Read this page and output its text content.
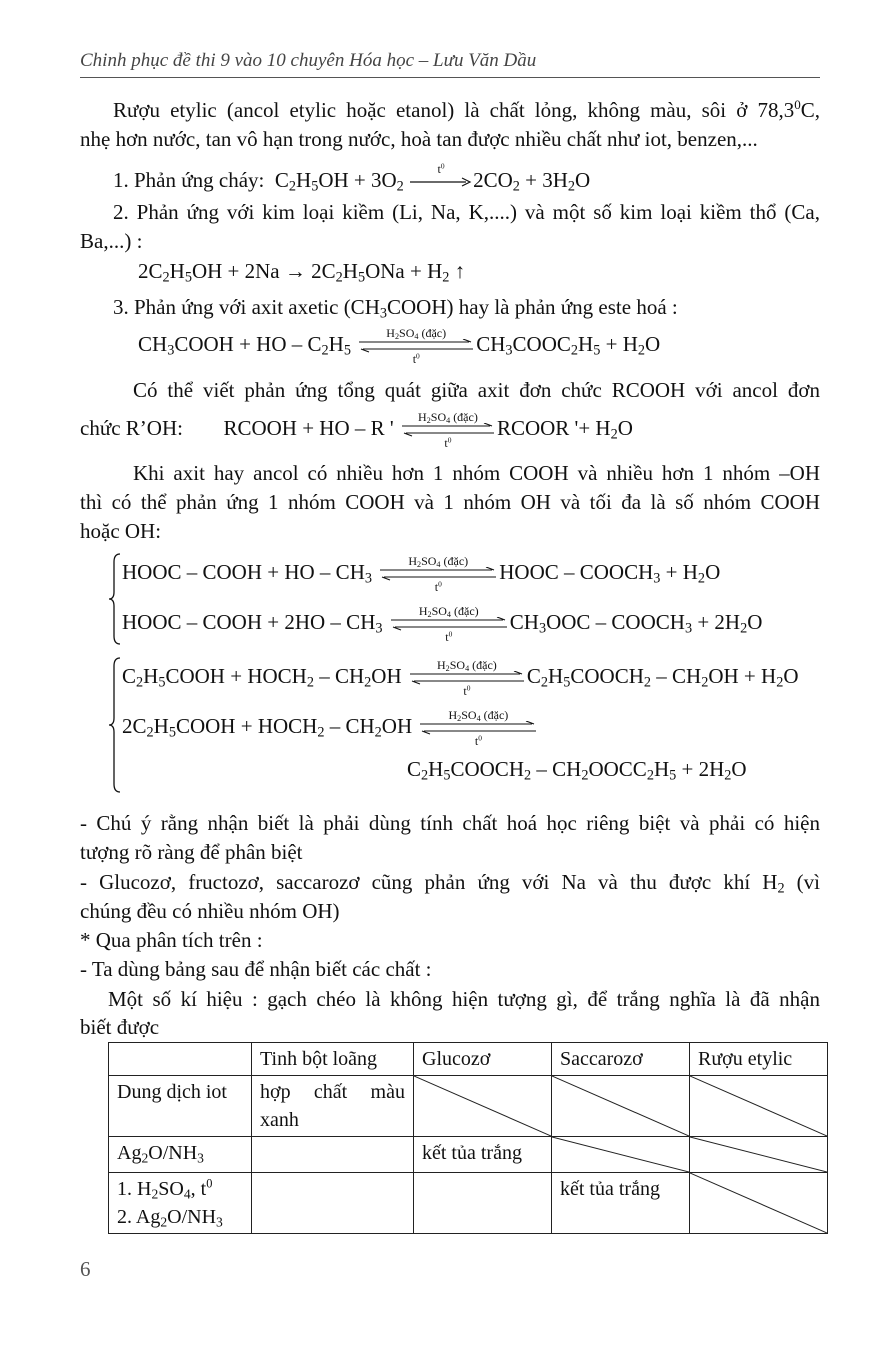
Chinh phục đề thi 9 vào 10 chuyên Hóa học – Lưu Văn Dầu
Rượu etylic (ancol etylic hoặc etanol) là chất lỏng, không màu, sôi ở 78,3$^0$C,
nhẹ hơn nước, tan vô hạn trong nước, hoà tan được nhiều chất như iot, benzen,...
1. Phản ứng cháy:  $C_2H_5OH + 3O_2$
$t^0$
$2CO_2 + 3H_2O$
2. Phản ứng với kim loại kiềm (Li, Na, K,....) và một số kim loại kiềm thổ (Ca,
Ba,...) :
$2C_2H_5OH + 2Na \to 2C_2H_5ONa + H_2$ ↑
3. Phản ứng với axit axetic $(CH_3COOH)$ hay là phản ứng este hoá :
$CH_3COOH$ + HO – $C_2H_5$
$H_2SO_4$ (đặc)
$t^0$
$CH_3COOC_2H_5 + H_2O$
Có thể viết phản ứng tổng quát giữa axit đơn chức RCOOH với ancol đơn
chức R’OH: RCOOH + HO – R '	$H_2SO_4$ (đặc)
$t^0$
RCOOR '+ $H_2O$
Khi axit hay ancol có nhiều hơn 1 nhóm COOH và nhiều hơn 1 nhóm –OH
thì có thể phản ứng 1 nhóm COOH và 1 nhóm OH và tối đa là số nhóm COOH
hoặc OH:
HOOC – COOH + HO – $CH_3$
$H_2SO_4$ (đặc)
$t^0$
HOOC – $COOCH_3 + H_2O$
HOOC – COOH + $2HO - CH_3$
$H_2SO_4$ (đặc)
$t^0$
$CH_3OOC$ – $COOCH_3 + 2H_2O$
$C_2H_5COOH$ + $HOCH_2 - CH_2OH$	$H_2SO_4$ (đặc)
$t^0$
$C_2H_5COOCH_2 - CH_2OH + H_2O$
$2C_2H_5COOH$ + $HOCH_2 - CH_2OH$	$H_2SO_4$ (đặc)
$t^0$
$C_2H_5COOCH_2$ – $CH_2OOCC_2H_5 + 2H_2O$
- Chú ý rằng nhận biết là phải dùng tính chất hoá học riêng biệt và phải có hiện
tượng rõ ràng để phân biệt
- Glucozơ, fructozơ, saccarozơ cũng phản ứng với Na và thu được khí $H_2$ (vì
chúng đều có nhiều nhóm OH)
* Qua phân tích trên :
- Ta dùng bảng sau để nhận biết các chất :
Một số kí hiệu : gạch chéo là không hiện tượng gì, để trắng nghĩa là đã nhận
biết được
	Tinh bột loãng	Glucozơ	Saccarozơ	Rượu etylic
Dung dịch iot	hợp chất màu xanh	

$Ag_2O/NH_3$		kết tủa trắng	

1. $H_2SO_4$, $t^0$
2. $Ag_2O/NH_3$			kết tủa trắng	
6
